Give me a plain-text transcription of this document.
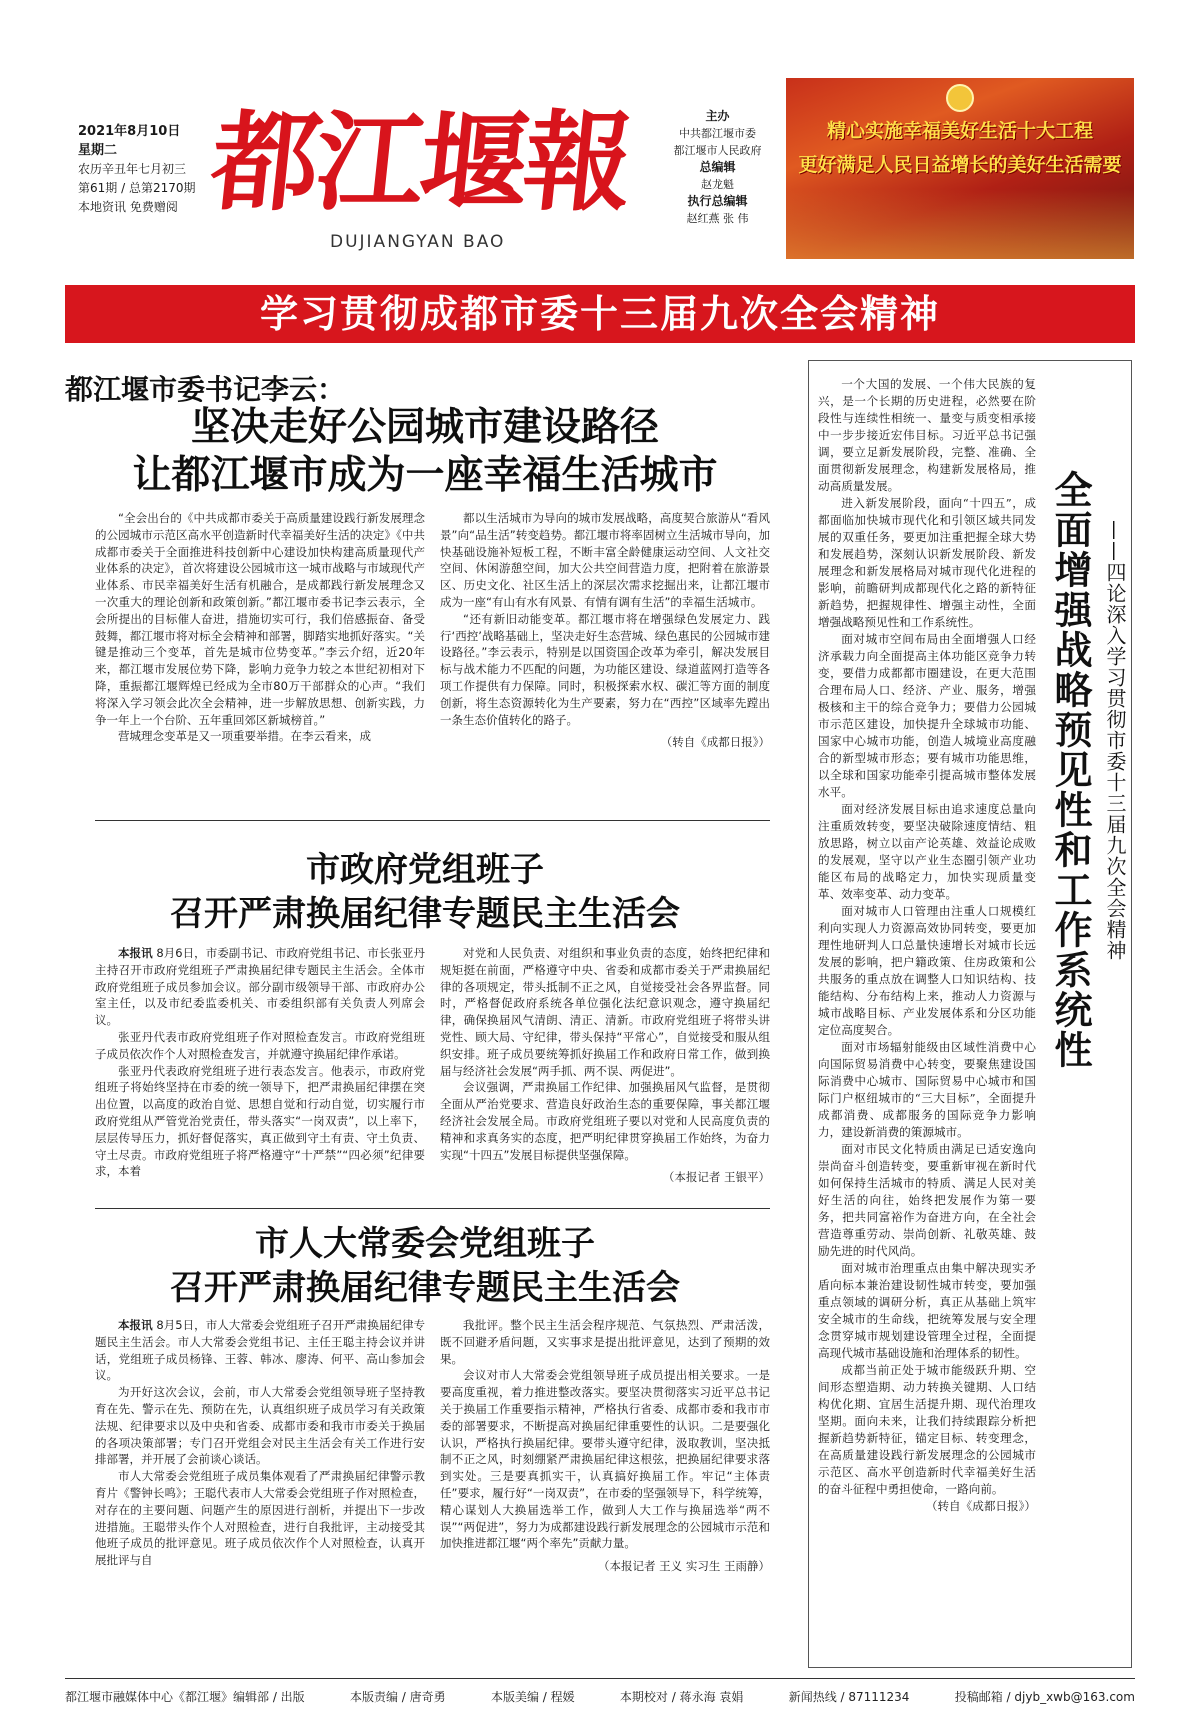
2021年8月10日
星期二
农历辛丑年七月初三
第61期 / 总第2170期
本地资讯 免费赠阅 都江堰報
DUJIANGYAN BAO
主办
中共都江堰市委
都江堰市人民政府
总编辑
赵龙魁
执行总编辑
赵红燕 张 伟
精心实施幸福美好生活十大工程
更好满足人民日益增长的美好生活需要
学习贯彻成都市委十三届九次全会精神
都江堰市委书记李云：
坚决走好公园城市建设路径
让都江堰市成为一座幸福生活城市

“全会出台的《中共成都市委关于高质量建设践行新发展理念的公园城市示范区高水平创造新时代幸福美好生活的决定》《中共成都市委关于全面推进科技创新中心建设加快构建高质量现代产业体系的决定》，首次将建设公园城市这一城市战略与市域现代产业体系、市民幸福美好生活有机融合，是成都践行新发展理念又一次重大的理论创新和政策创新。”都江堰市委书记李云表示，全会所提出的目标催人奋进，措施切实可行，我们倍感振奋、备受鼓舞，都江堰市将对标全会精神和部署，脚踏实地抓好落实。“关键是推动三个变革，首先是城市位势变革。”李云介绍，近20年来，都江堰市发展位势下降，影响力竞争力较之本世纪初相对下降，重振都江堰辉煌已经成为全市80万干部群众的心声。“我们将深入学习领会此次全会精神，进一步解放思想、创新实践，力争一年上一个台阶、五年重回郊区新城榜首。”

营城理念变革是又一项重要举措。在李云看来，成

都以生活城市为导向的城市发展战略，高度契合旅游从“看风景”向“品生活”转变趋势。都江堰市将率固树立生活城市导向，加快基础设施补短板工程，不断丰富全龄健康运动空间、人文社交空间、休闲游憩空间，加大公共空间营造力度，把附着在旅游景区、历史文化、社区生活上的深层次需求挖掘出来，让都江堰市成为一座“有山有水有风景、有情有调有生活”的幸福生活城市。

“还有新旧动能变革。都江堰市将在增强绿色发展定力、践行‘西控’战略基础上，坚决走好生态营城、绿色惠民的公园城市建设路径。”李云表示，特别是以国资国企改革为牵引，解决发展目标与战术能力不匹配的问题，为功能区建设、绿道蓝网打造等各项工作提供有力保障。同时，积极探索水权、碳汇等方面的制度创新，将生态资源转化为生产要素，努力在“西控”区域率先蹚出一条生态价值转化的路子。

（转自《成都日报》）

市政府党组班子
召开严肃换届纪律专题民主生活会

本报讯 8月6日，市委副书记、市政府党组书记、市长张亚丹主持召开市政府党组班子严肃换届纪律专题民主生活会。全体市政府党组班子成员参加会议。部分副市级领导干部、市政府办公室主任，以及市纪委监委机关、市委组织部有关负责人列席会议。

张亚丹代表市政府党组班子作对照检查发言。市政府党组班子成员依次作个人对照检查发言，并就遵守换届纪律作承诺。

张亚丹代表政府党组班子进行表态发言。他表示，市政府党组班子将始终坚持在市委的统一领导下，把严肃换届纪律摆在突出位置，以高度的政治自觉、思想自觉和行动自觉，切实履行市政府党组从严管党治党责任，带头落实“一岗双责”，以上率下，层层传导压力，抓好督促落实，真正做到守土有责、守土负责、守土尽责。市政府党组班子将严格遵守“十严禁”“四必须”纪律要求，本着

对党和人民负责、对组织和事业负责的态度，始终把纪律和规矩挺在前面，严格遵守中央、省委和成都市委关于严肃换届纪律的各项规定，带头抵制不正之风，自觉接受社会各界监督。同时，严格督促政府系统各单位强化法纪意识观念，遵守换届纪律，确保换届风气清朗、清正、清新。市政府党组班子将带头讲党性、顾大局、守纪律，带头保持“平常心”，自觉接受和服从组织安排。班子成员要统筹抓好换届工作和政府日常工作，做到换届与经济社会发展“两手抓、两不误、两促进”。

会议强调，严肃换届工作纪律、加强换届风气监督，是贯彻全面从严治党要求、营造良好政治生态的重要保障，事关都江堰经济社会发展全局。市政府党组班子要以对党和人民高度负责的精神和求真务实的态度，把严明纪律贯穿换届工作始终，为奋力实现“十四五”发展目标提供坚强保障。

（本报记者 王银平）

市人大常委会党组班子
召开严肃换届纪律专题民主生活会

本报讯 8月5日，市人大常委会党组班子召开严肃换届纪律专题民主生活会。市人大常委会党组书记、主任王聪主持会议并讲话，党组班子成员杨锋、王蓉、韩冰、廖涛、何平、高山参加会议。

为开好这次会议，会前，市人大常委会党组领导班子坚持教育在先、警示在先、预防在先，认真组织班子成员学习有关政策法规、纪律要求以及中央和省委、成都市委和我市市委关于换届的各项决策部署；专门召开党组会对民主生活会有关工作进行安排部署，并开展了会前谈心谈话。

市人大常委会党组班子成员集体观看了严肃换届纪律警示教育片《警钟长鸣》；王聪代表市人大常委会党组班子作对照检查，对存在的主要问题、问题产生的原因进行剖析，并提出下一步改进措施。王聪带头作个人对照检查，进行自我批评，主动接受其他班子成员的批评意见。班子成员依次作个人对照检查，认真开展批评与自

我批评。整个民主生活会程序规范、气氛热烈、严肃活泼，既不回避矛盾问题，又实事求是提出批评意见，达到了预期的效果。

会议对市人大常委会党组领导班子成员提出相关要求。一是要高度重视，着力推进整改落实。要坚决贯彻落实习近平总书记关于换届工作重要指示精神，严格执行省委、成都市委和我市市委的部署要求，不断提高对换届纪律重要性的认识。二是要强化认识，严格执行换届纪律。要带头遵守纪律，汲取教训，坚决抵制不正之风，时刻绷紧严肃换届纪律这根弦，把换届纪律要求落到实处。三是要真抓实干，认真搞好换届工作。牢记“主体责任”要求，履行好“一岗双责”，在市委的坚强领导下，科学统筹，精心谋划人大换届选举工作，做到人大工作与换届选举“两不误”“两促进”，努力为成都建设践行新发展理念的公园城市示范和加快推进都江堰“两个率先”贡献力量。

（本报记者 王义 实习生 王雨静）

一个大国的发展、一个伟大民族的复兴，是一个长期的历史进程，必然要在阶段性与连续性相统一、量变与质变相承接中一步步接近宏伟目标。习近平总书记强调，要立足新发展阶段，完整、准确、全面贯彻新发展理念，构建新发展格局，推动高质量发展。

进入新发展阶段，面向“十四五”，成都面临加快城市现代化和引领区域共同发展的双重任务，要更加注重把握全球大势和发展趋势，深刻认识新发展阶段、新发展理念和新发展格局对城市现代化进程的影响，前瞻研判成都现代化之路的新特征新趋势，把握规律性、增强主动性，全面增强战略预见性和工作系统性。

面对城市空间布局由全面增强人口经济承载力向全面提高主体功能区竞争力转变，要借力成都都市圈建设，在更大范围合理布局人口、经济、产业、服务，增强极核和主干的综合竞争力；要借力公园城市示范区建设，加快提升全球城市功能、国家中心城市功能，创造人城境业高度融合的新型城市形态；要有城市功能思维，以全球和国家功能牵引提高城市整体发展水平。

面对经济发展目标由追求速度总量向注重质效转变，要坚决破除速度情结、粗放思路，树立以亩产论英雄、效益论成败的发展观，坚守以产业生态圈引领产业功能区布局的战略定力，加快实现质量变革、效率变革、动力变革。

面对城市人口管理由注重人口规模红利向实现人力资源高效协同转变，要更加理性地研判人口总量快速增长对城市长远发展的影响，把户籍政策、住房政策和公共服务的重点放在调整人口知识结构、技能结构、分布结构上来，推动人力资源与城市战略目标、产业发展体系和分区功能定位高度契合。

面对市场辐射能级由区域性消费中心向国际贸易消费中心转变，要聚焦建设国际消费中心城市、国际贸易中心城市和国际门户枢纽城市的“三大目标”，全面提升成都消费、成都服务的国际竞争力影响力，建设新消费的策源城市。

面对市民文化特质由满足已适安逸向崇尚奋斗创造转变，要重新审视在新时代如何保持生活城市的特质、满足人民对美好生活的向往，始终把发展作为第一要务，把共同富裕作为奋进方向，在全社会营造尊重劳动、崇尚创新、礼敬英雄、鼓励先进的时代风尚。

面对城市治理重点由集中解决现实矛盾向标本兼治建设韧性城市转变，要加强重点领域的调研分析，真正从基础上筑牢安全城市的生命线，把统筹发展与安全理念贯穿城市规划建设管理全过程，全面提高现代城市基础设施和治理体系的韧性。

成都当前正处于城市能级跃升期、空间形态塑造期、动力转换关键期、人口结构优化期、宜居生活提升期、现代治理攻坚期。面向未来，让我们持续跟踪分析把握新趋势新特征，锚定目标、转变理念，在高质量建设践行新发展理念的公园城市示范区、高水平创造新时代幸福美好生活的奋斗征程中勇担使命，一路向前。

（转自《成都日报》）

全面增强战略预见性和工作系统性 ——四论深入学习贯彻市委十三届九次全会精神
都江堰市融媒体中心《都江堰》编辑部 / 出版	本版责编 / 唐奇勇	本版美编 / 程媛	本期校对 / 蒋永海 袁娟	新闻热线 / 87111234	投稿邮箱 / djyb_xwb@163.com
